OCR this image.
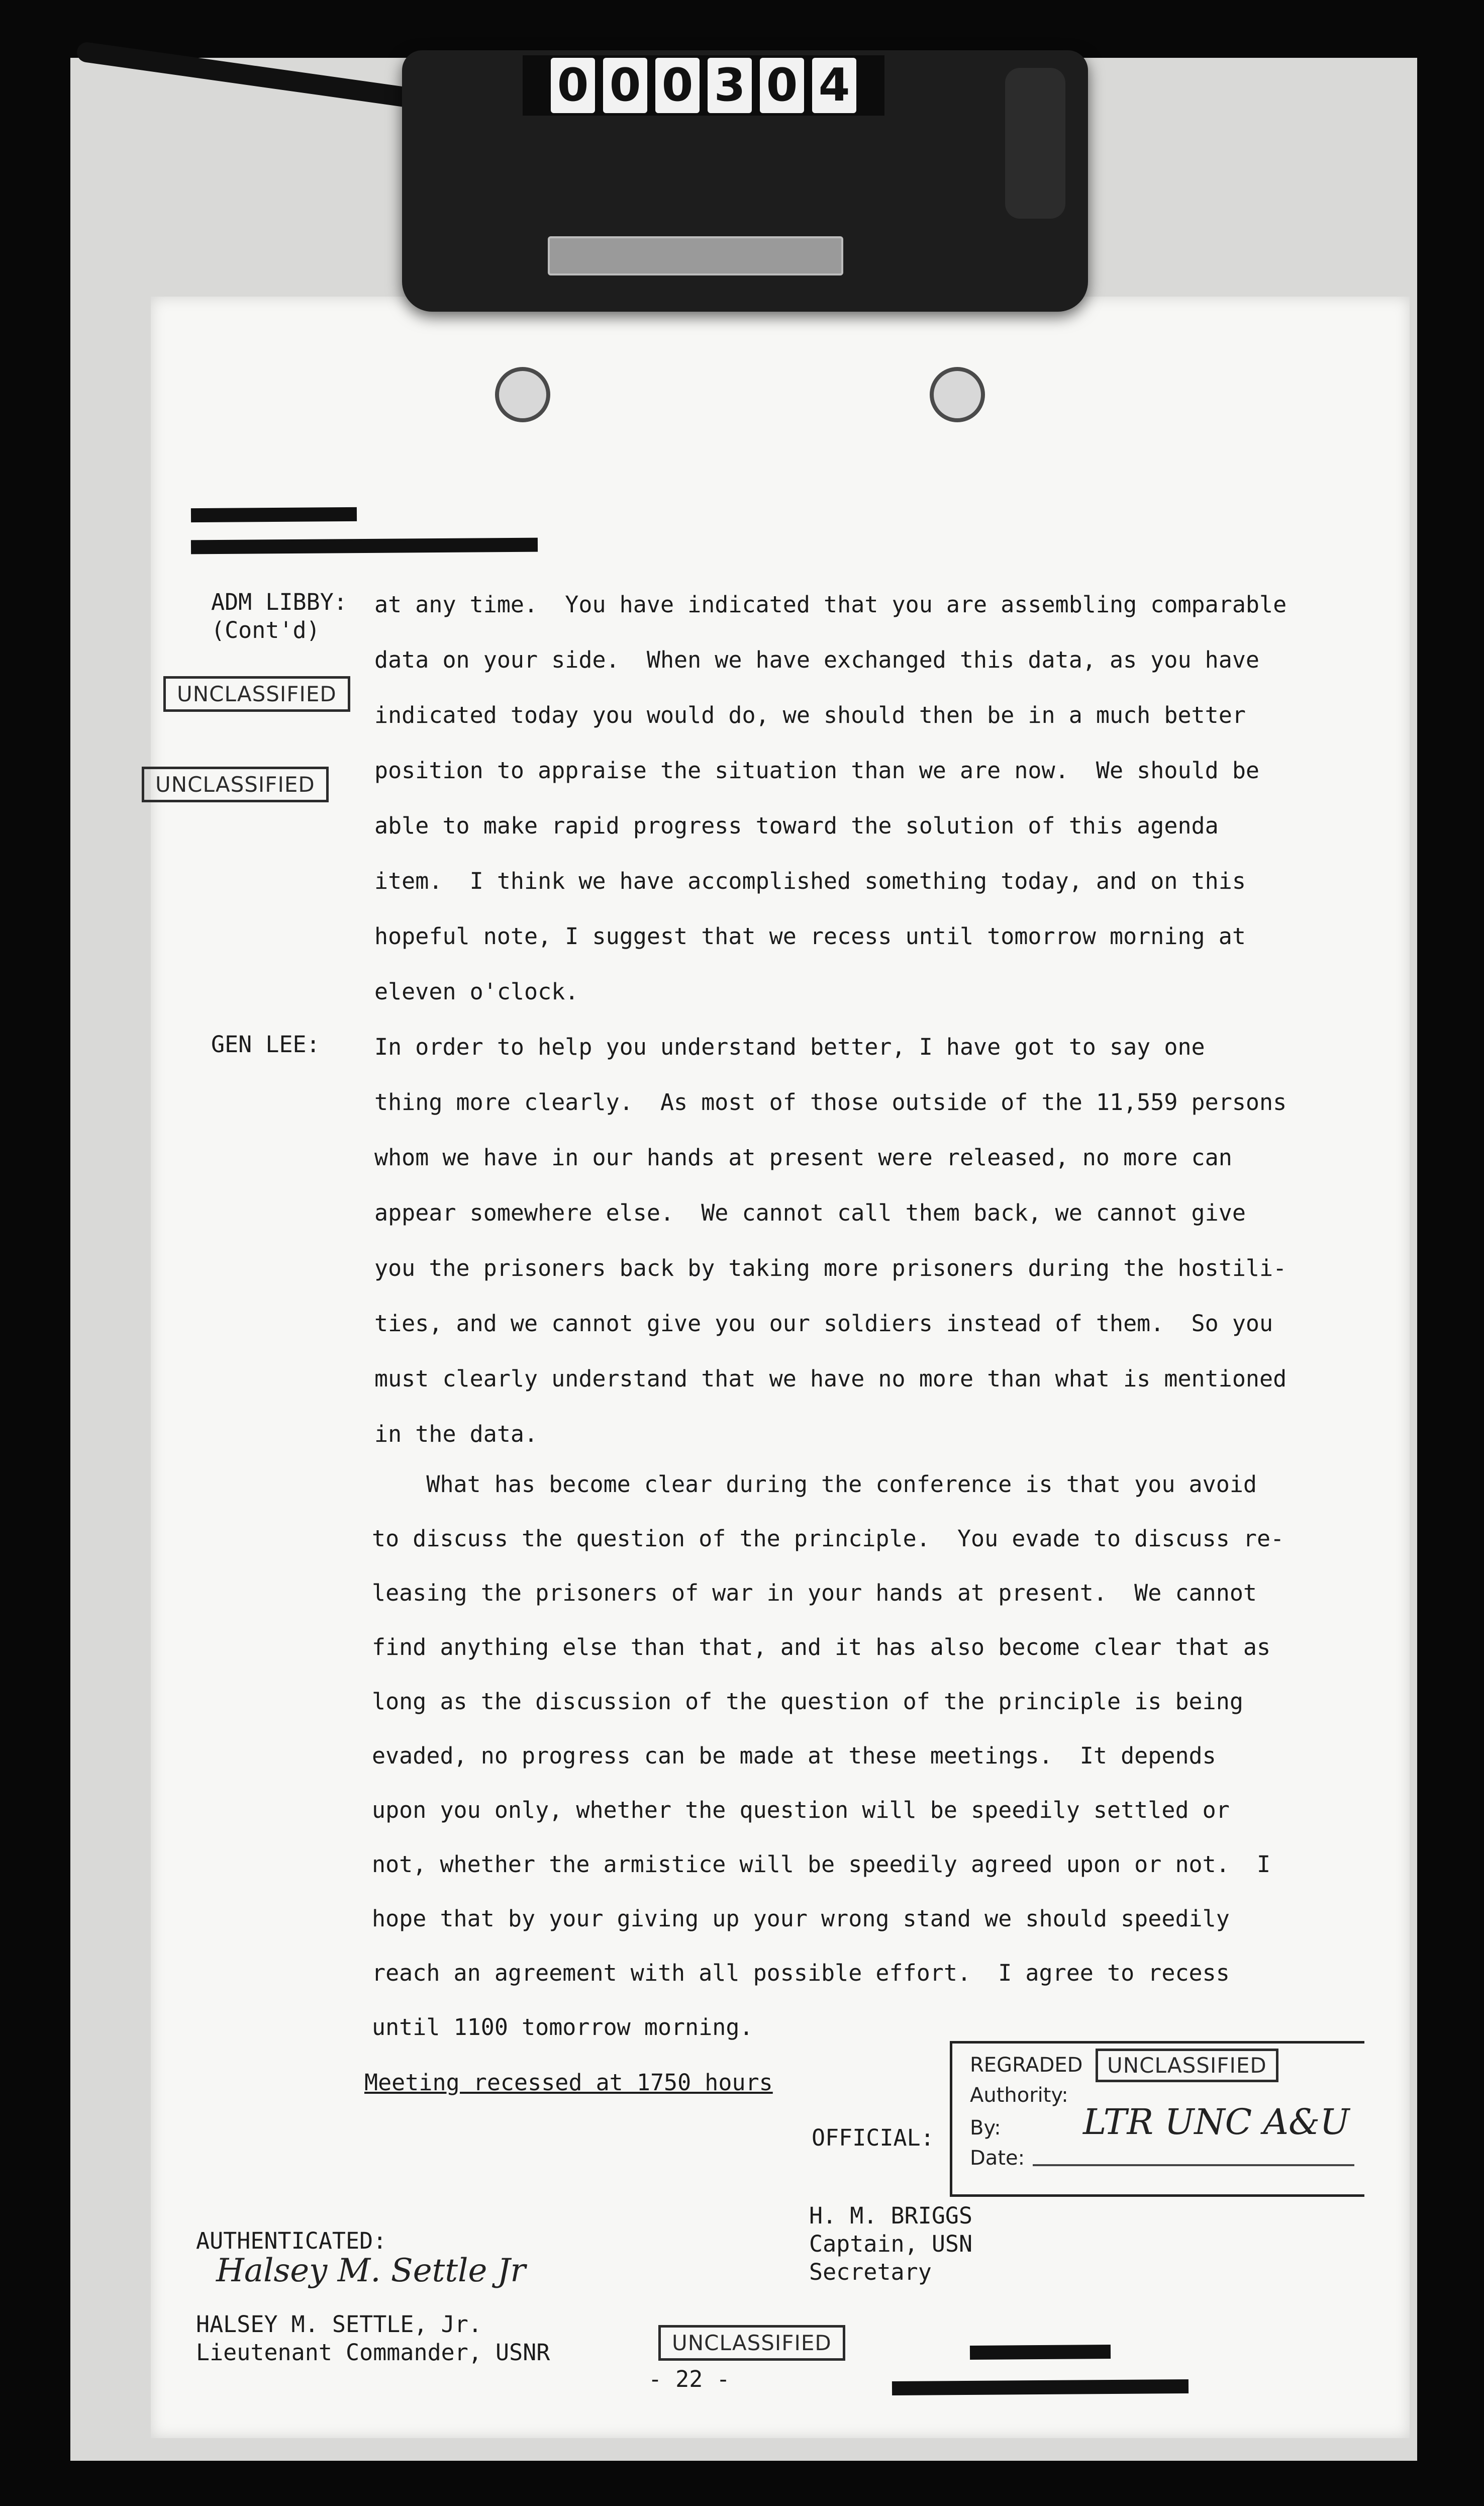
0 0 0 3 0 4
UNCLASSIFIED
UNCLASSIFIED
ADM LIBBY:
(Cont'd)
at any time.  You have indicated that you are assembling comparable
data on your side.  When we have exchanged this data, as you have
indicated today you would do, we should then be in a much better
position to appraise the situation than we are now.  We should be
able to make rapid progress toward the solution of this agenda
item.  I think we have accomplished something today, and on this
hopeful note, I suggest that we recess until tomorrow morning at
eleven o'clock.
GEN LEE: In order to help you understand better, I have got to say one
thing more clearly.  As most of those outside of the 11,559 persons
whom we have in our hands at present were released, no more can
appear somewhere else.  We cannot call them back, we cannot give
you the prisoners back by taking more prisoners during the hostili-
ties, and we cannot give you our soldiers instead of them.  So you
must clearly understand that we have no more than what is mentioned
in the data.
What has become clear during the conference is that you avoid
to discuss the question of the principle.  You evade to discuss re-
leasing the prisoners of war in your hands at present.  We cannot
find anything else than that, and it has also become clear that as
long as the discussion of the question of the principle is being
evaded, no progress can be made at these meetings.  It depends
upon you only, whether the question will be speedily settled or
not, whether the armistice will be speedily agreed upon or not.  I
hope that by your giving up your wrong stand we should speedily
reach an agreement with all possible effort.  I agree to recess
until 1100 tomorrow morning.
Meeting recessed at 1750 hours
REGRADED	UNCLASSIFIED
Authority:
By: LTR UNC A&U
Date:
OFFICIAL:
H. M. BRIGGS
Captain, USN
Secretary
AUTHENTICATED:
Halsey M. Settle Jr
HALSEY M. SETTLE, Jr.
Lieutenant Commander, USNR	UNCLASSIFIED
- 22 -
